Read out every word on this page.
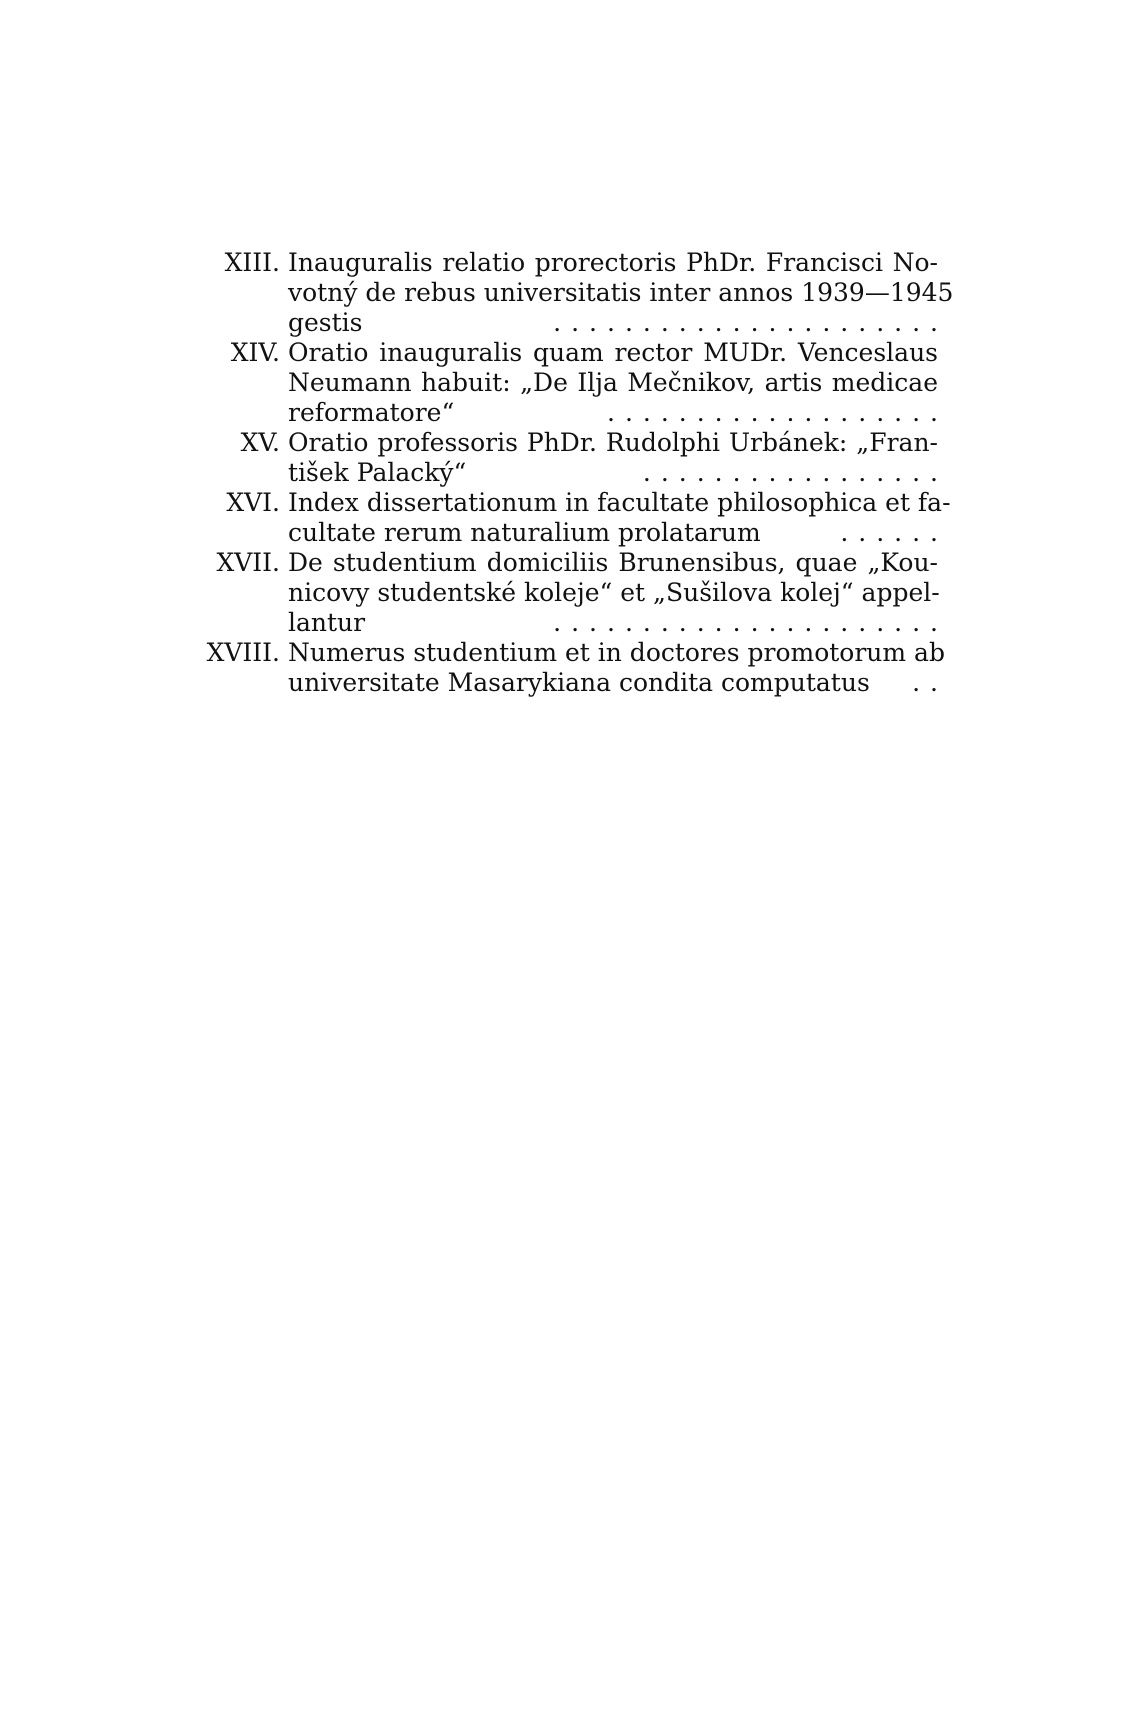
XIII. Inauguralis relatio prorectoris PhDr. Francisci No-
votný de rebus universitatis inter annos 1939—1945
gestis	......................
XIV. Oratio inauguralis quam rector MUDr. Venceslaus
Neumann habuit: „De Ilja Mečnikov, artis medicae
reformatore“	...................
XV. Oratio professoris PhDr. Rudolphi Urbánek: „Fran-
tišek Palacký“	.................
XVI. Index dissertationum in facultate philosophica et fa-
cultate rerum naturalium prolatarum	......
XVII. De studentium domiciliis Brunensibus, quae „Kou-
nicovy studentské koleje“ et „Sušilova kolej“ appel-
lantur	......................
XVIII. Numerus studentium et in doctores promotorum ab
universitate Masarykiana condita computatus	..
